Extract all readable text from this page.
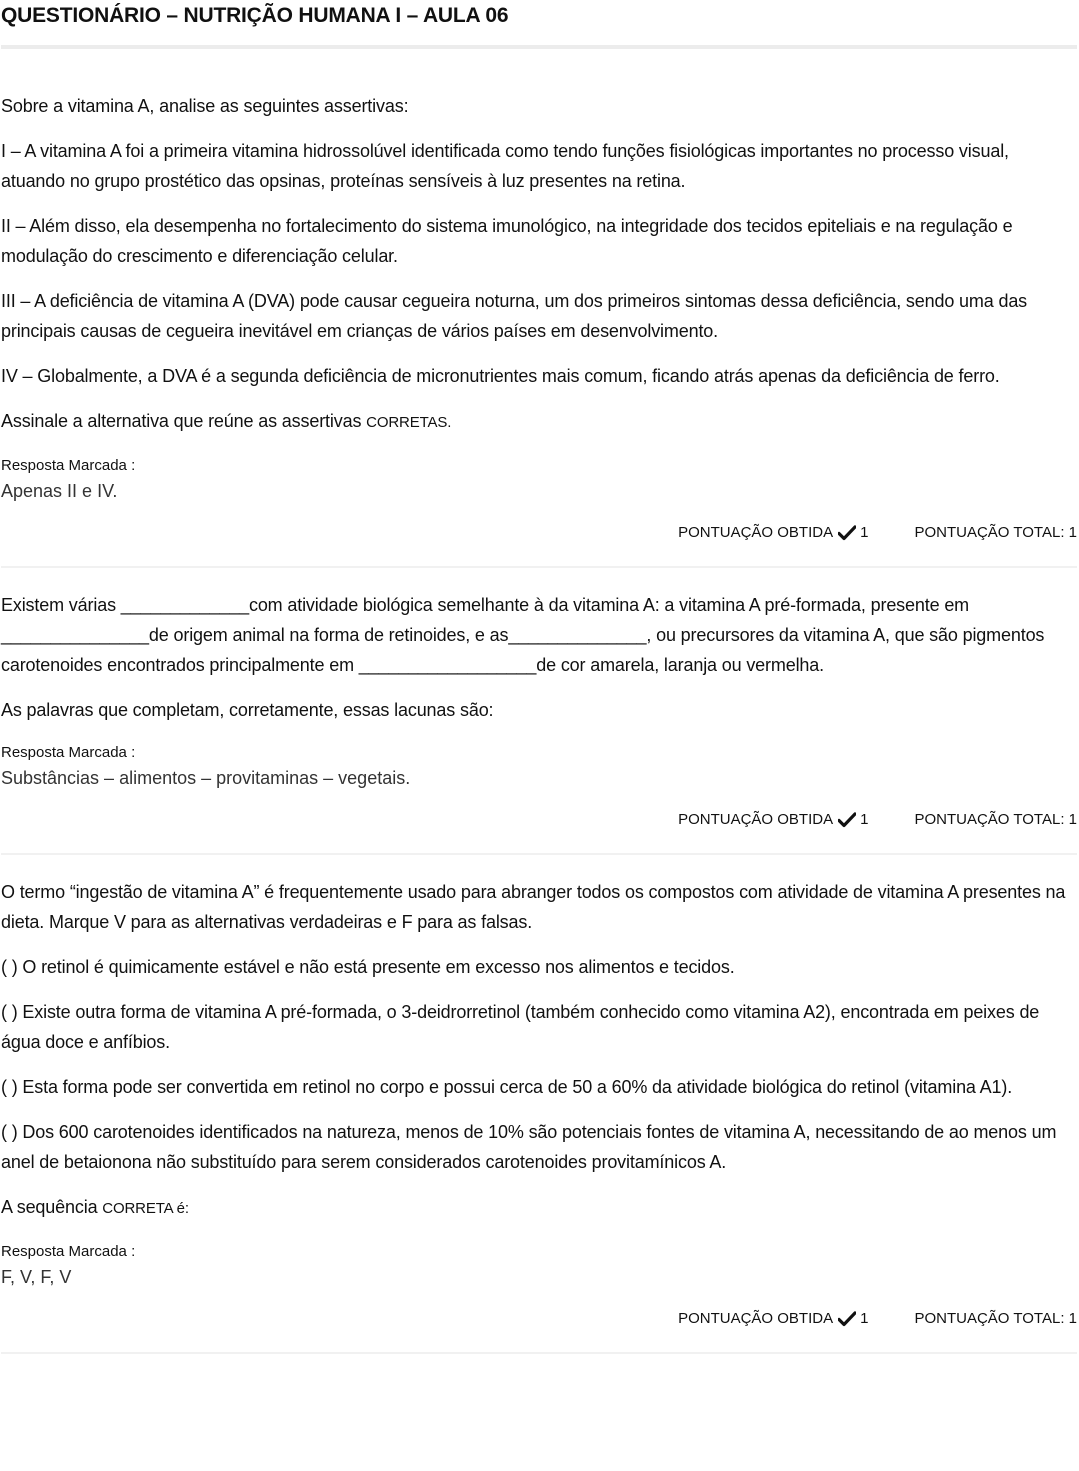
QUESTIONÁRIO – NUTRIÇÃO HUMANA I – AULA 06

Sobre a vitamina A, analise as seguintes assertivas:

I – A vitamina A foi a primeira vitamina hidrossolúvel identificada como tendo funções fisiológicas importantes no processo visual, atuando no grupo prostético das opsinas, proteínas sensíveis à luz presentes na retina.

II – Além disso, ela desempenha no fortalecimento do sistema imunológico, na integridade dos tecidos epiteliais e na regulação e modulação do crescimento e diferenciação celular.

III – A deficiência de vitamina A (DVA) pode causar cegueira noturna, um dos primeiros sintomas dessa deficiência, sendo uma das principais causas de cegueira inevitável em crianças de vários países em desenvolvimento.

IV – Globalmente, a DVA é a segunda deficiência de micronutrientes mais comum, ficando atrás apenas da deficiência de ferro.

Assinale a alternativa que reúne as assertivas CORRETAS.

Resposta Marcada :

Apenas II e IV.

PONTUAÇÃO OBTIDA 1	PONTUAÇÃO TOTAL: 1

Existem várias _____________com atividade biológica semelhante à da vitamina A: a vitamina A pré-formada, presente em _______________de origem animal na forma de retinoides, e as______________, ou precursores da vitamina A, que são pigmentos carotenoides encontrados principalmente em __________________de cor amarela, laranja ou vermelha.

As palavras que completam, corretamente, essas lacunas são:

Resposta Marcada :

Substâncias – alimentos – provitaminas – vegetais.

PONTUAÇÃO OBTIDA 1	PONTUAÇÃO TOTAL: 1

O termo “ingestão de vitamina A” é frequentemente usado para abranger todos os compostos com atividade de vitamina A presentes na dieta. Marque V para as alternativas verdadeiras e F para as falsas.

( ) O retinol é quimicamente estável e não está presente em excesso nos alimentos e tecidos.

( ) Existe outra forma de vitamina A pré-formada, o 3-deidrorretinol (também conhecido como vitamina A2), encontrada em peixes de água doce e anfíbios.

( ) Esta forma pode ser convertida em retinol no corpo e possui cerca de 50 a 60% da atividade biológica do retinol (vitamina A1).

( ) Dos 600 carotenoides identificados na natureza, menos de 10% são potenciais fontes de vitamina A, necessitando de ao menos um anel de betaionona não substituído para serem considerados carotenoides provitamínicos A.

A sequência CORRETA é:

Resposta Marcada :

F, V, F, V

PONTUAÇÃO OBTIDA 1	PONTUAÇÃO TOTAL: 1
